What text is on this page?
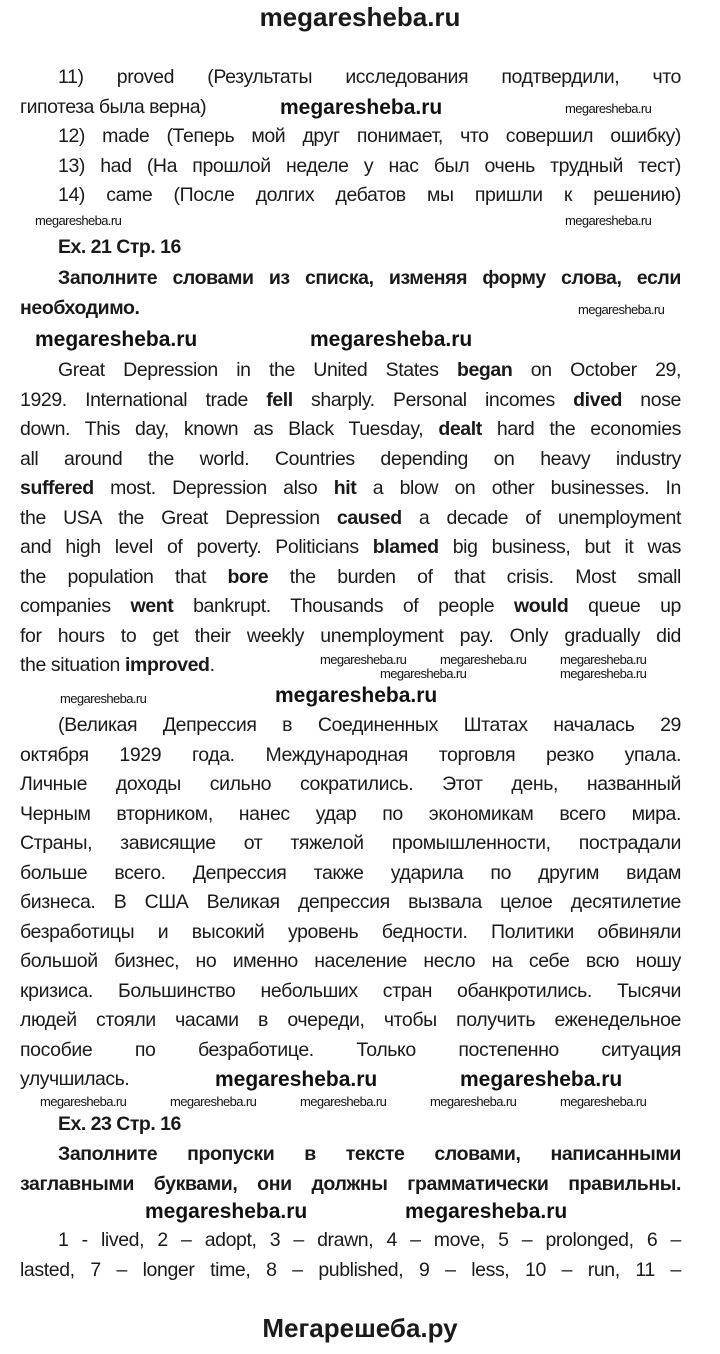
megaresheba.ru
11) proved (Результаты исследования подтвердили, что
гипотеза была верна)
12) made (Теперь мой друг понимает, что совершил ошибку)
13) had (На прошлой неделе у нас был очень трудный тест)
14) came (После долгих дебатов мы пришли к решению)
Ex. 21 Стр. 16
Заполните словами из списка, изменяя форму слова, если
необходимо.
Great Depression in the United States began on October 29,
1929. International trade fell sharply. Personal incomes dived nose
down. This day, known as Black Tuesday, dealt hard the economies
all around the world. Countries depending on heavy industry
suffered most. Depression also hit a blow on other businesses. In
the USA the Great Depression caused a decade of unemployment
and high level of poverty. Politicians blamed big business, but it was
the population that bore the burden of that crisis. Most small
companies went bankrupt. Thousands of people would queue up
for hours to get their weekly unemployment pay. Only gradually did
the situation improved.
(Великая Депрессия в Соединенных Штатах началась 29
октября 1929 года. Международная торговля резко упала.
Личные доходы сильно сократились. Этот день, названный
Черным вторником, нанес удар по экономикам всего мира.
Страны, зависящие от тяжелой промышленности, пострадали
больше всего. Депрессия также ударила по другим видам
бизнеса. В США Великая депрессия вызвала целое десятилетие
безработицы и высокий уровень бедности. Политики обвиняли
большой бизнес, но именно население несло на себе всю ношу
кризиса. Большинство небольших стран обанкротились. Тысячи
людей стояли часами в очереди, чтобы получить еженедельное
пособие по безработице. Только постепенно ситуация
улучшилась.
Ex. 23 Стр. 16
Заполните пропуски в тексте словами, написанными
заглавными буквами, они должны грамматически правильны.
1 - lived, 2 – adopt, 3 – drawn, 4 – move, 5 – prolonged, 6 –
lasted, 7 – longer time, 8 – published, 9 – less, 10 – run, 11 –
Мегарешеба.ру
megaresheba.ru	megaresheba.ru
megaresheba.ru	megaresheba.ru
megaresheba.ru
megaresheba.ru	megaresheba.ru
megaresheba.ru	megaresheba.ru	megaresheba.ru
megaresheba.ru	megaresheba.ru
megaresheba.ru
megaresheba.ru
megaresheba.ru	megaresheba.ru	megaresheba.ru	megaresheba.ru	megaresheba.ru
megaresheba.ru	megaresheba.ru
megaresheba.ru	megaresheba.ru
